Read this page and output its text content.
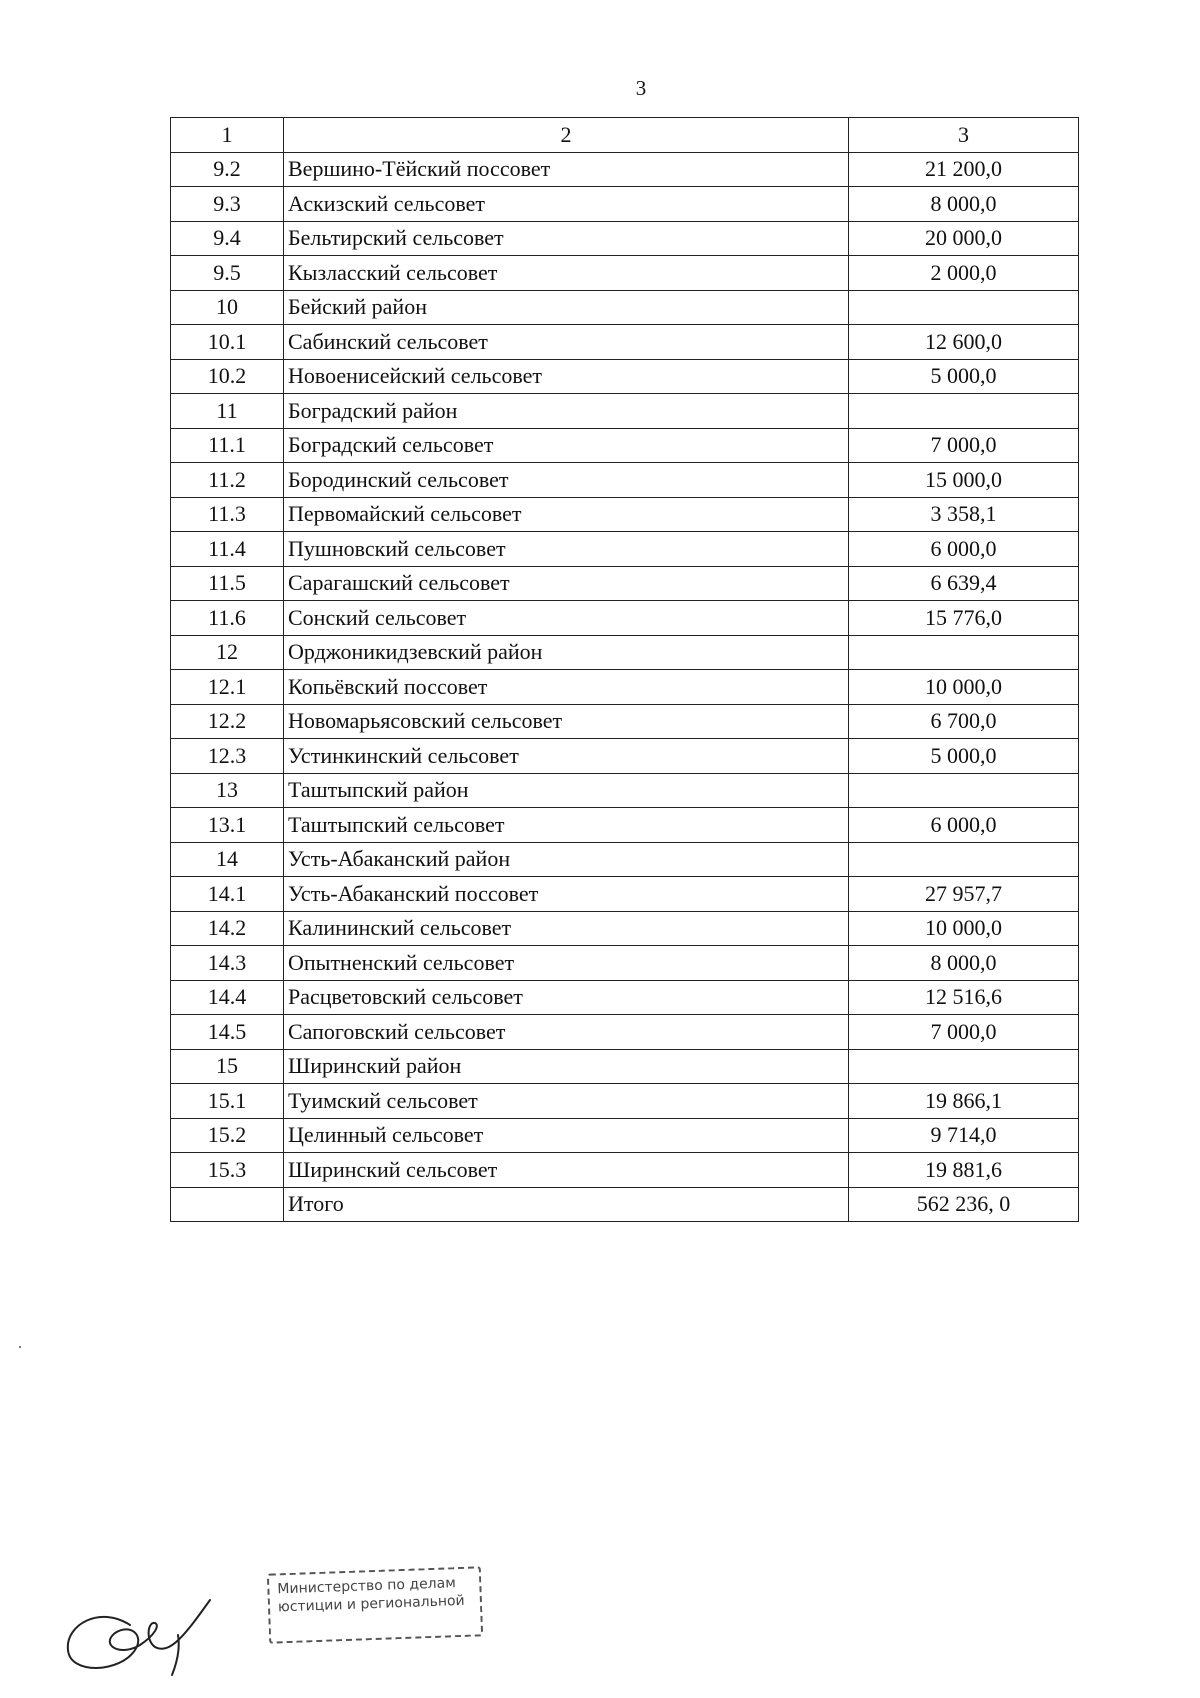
3
1	2	3
9.2	Вершино-Тёйский поссовет	21 200,0
9.3	Аскизский сельсовет	8 000,0
9.4	Бельтирский сельсовет	20 000,0
9.5	Кызласский сельсовет	2 000,0
10	Бейский район	
10.1	Сабинский сельсовет	12 600,0
10.2	Новоенисейский сельсовет	5 000,0
11	Боградский район	
11.1	Боградский сельсовет	7 000,0
11.2	Бородинский сельсовет	15 000,0
11.3	Первомайский сельсовет	3 358,1
11.4	Пушновский сельсовет	6 000,0
11.5	Сарагашский сельсовет	6 639,4
11.6	Сонский сельсовет	15 776,0
12	Орджоникидзевский район	
12.1	Копьёвский поссовет	10 000,0
12.2	Новомарьясовский сельсовет	6 700,0
12.3	Устинкинский сельсовет	5 000,0
13	Таштыпский район	
13.1	Таштыпский сельсовет	6 000,0
14	Усть-Абаканский район	
14.1	Усть-Абаканский поссовет	27 957,7
14.2	Калининский сельсовет	10 000,0
14.3	Опытненский сельсовет	8 000,0
14.4	Расцветовский сельсовет	12 516,6
14.5	Сапоговский сельсовет	7 000,0
15	Ширинский район	
15.1	Туимский сельсовет	19 866,1
15.2	Целинный сельсовет	9 714,0
15.3	Ширинский сельсовет	19 881,6
	Итого	562 236, 0
Министерство по делам
юстиции и региональной
